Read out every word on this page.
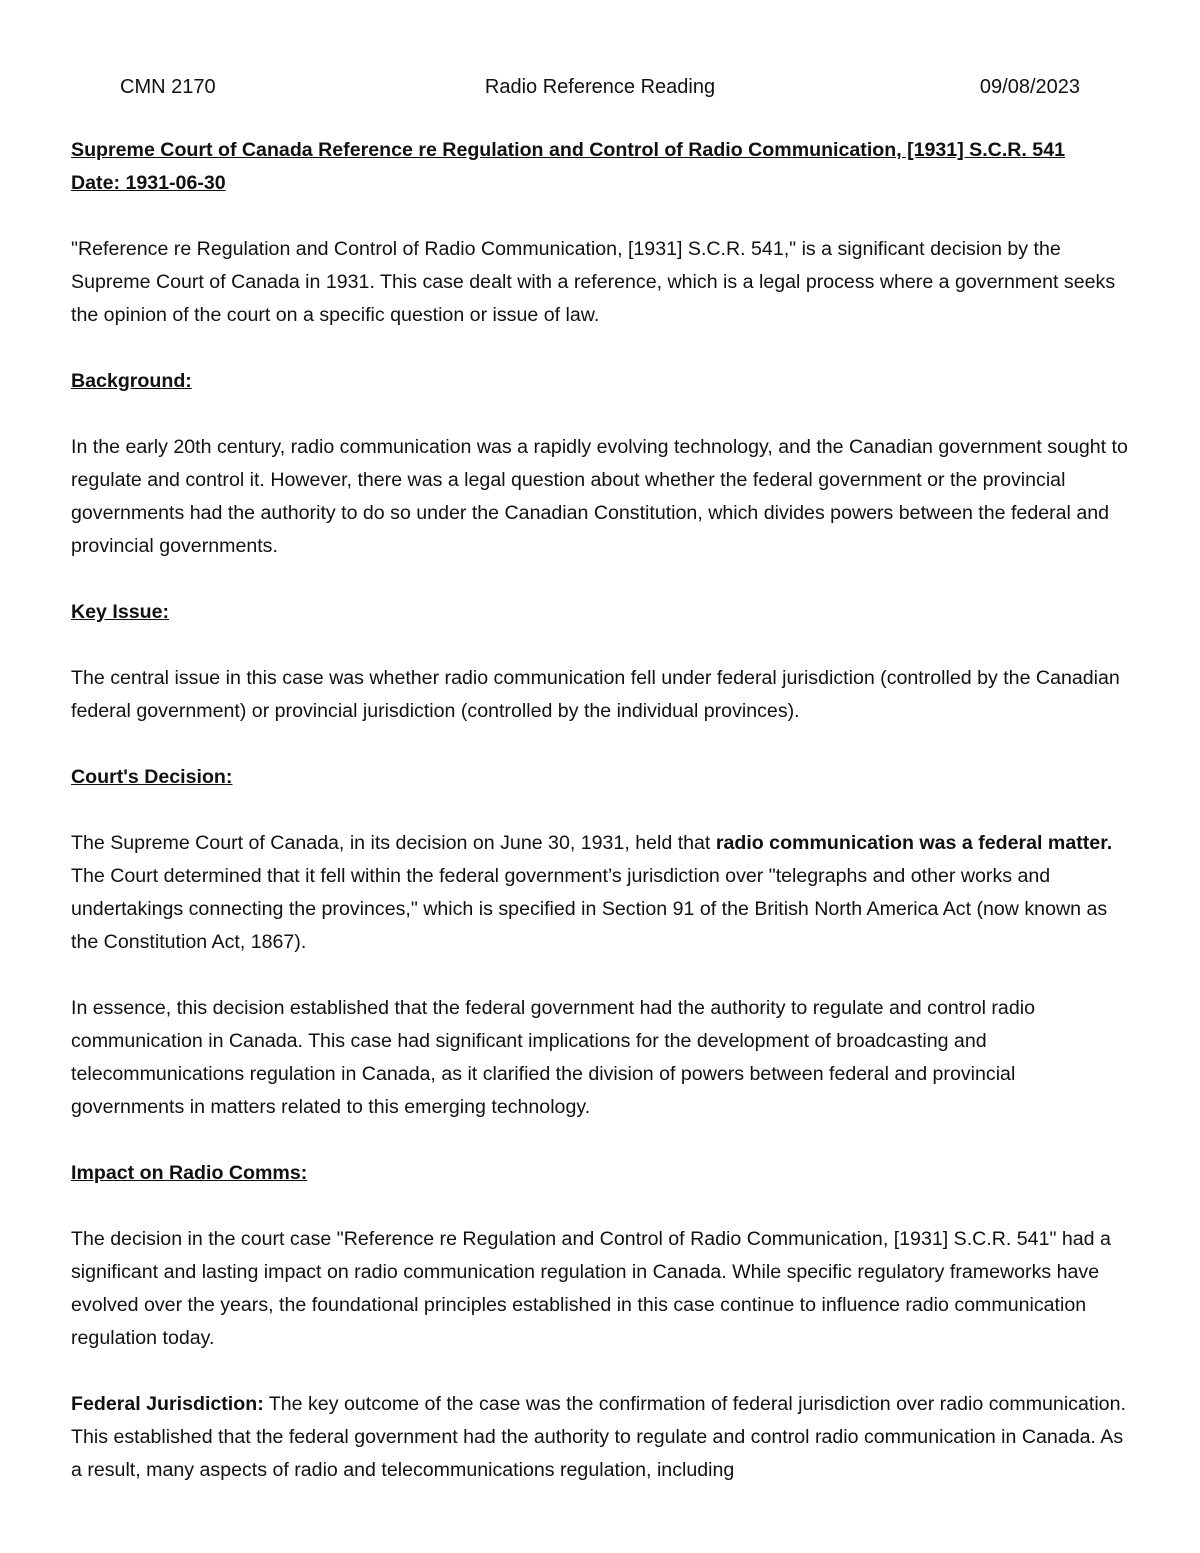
CMN 2170	Radio Reference Reading	09/08/2023
Supreme Court of Canada Reference re Regulation and Control of Radio Communication, [1931] S.C.R. 541
Date: 1931-06-30

"Reference re Regulation and Control of Radio Communication, [1931] S.C.R. 541," is a significant decision by the Supreme Court of Canada in 1931. This case dealt with a reference, which is a legal process where a government seeks the opinion of the court on a specific question or issue of law.

Background:

In the early 20th century, radio communication was a rapidly evolving technology, and the Canadian government sought to regulate and control it. However, there was a legal question about whether the federal government or the provincial governments had the authority to do so under the Canadian Constitution, which divides powers between the federal and provincial governments.

Key Issue:

The central issue in this case was whether radio communication fell under federal jurisdiction (controlled by the Canadian federal government) or provincial jurisdiction (controlled by the individual provinces).

Court's Decision:

The Supreme Court of Canada, in its decision on June 30, 1931, held that radio communication was a federal matter. The Court determined that it fell within the federal government’s jurisdiction over "telegraphs and other works and undertakings connecting the provinces," which is specified in Section 91 of the British North America Act (now known as the Constitution Act, 1867).

In essence, this decision established that the federal government had the authority to regulate and control radio communication in Canada. This case had significant implications for the development of broadcasting and telecommunications regulation in Canada, as it clarified the division of powers between federal and provincial governments in matters related to this emerging technology.

Impact on Radio Comms:

The decision in the court case "Reference re Regulation and Control of Radio Communication, [1931] S.C.R. 541" had a significant and lasting impact on radio communication regulation in Canada. While specific regulatory frameworks have evolved over the years, the foundational principles established in this case continue to influence radio communication regulation today.

Federal Jurisdiction: The key outcome of the case was the confirmation of federal jurisdiction over radio communication. This established that the federal government had the authority to regulate and control radio communication in Canada. As a result, many aspects of radio and telecommunications regulation, including
